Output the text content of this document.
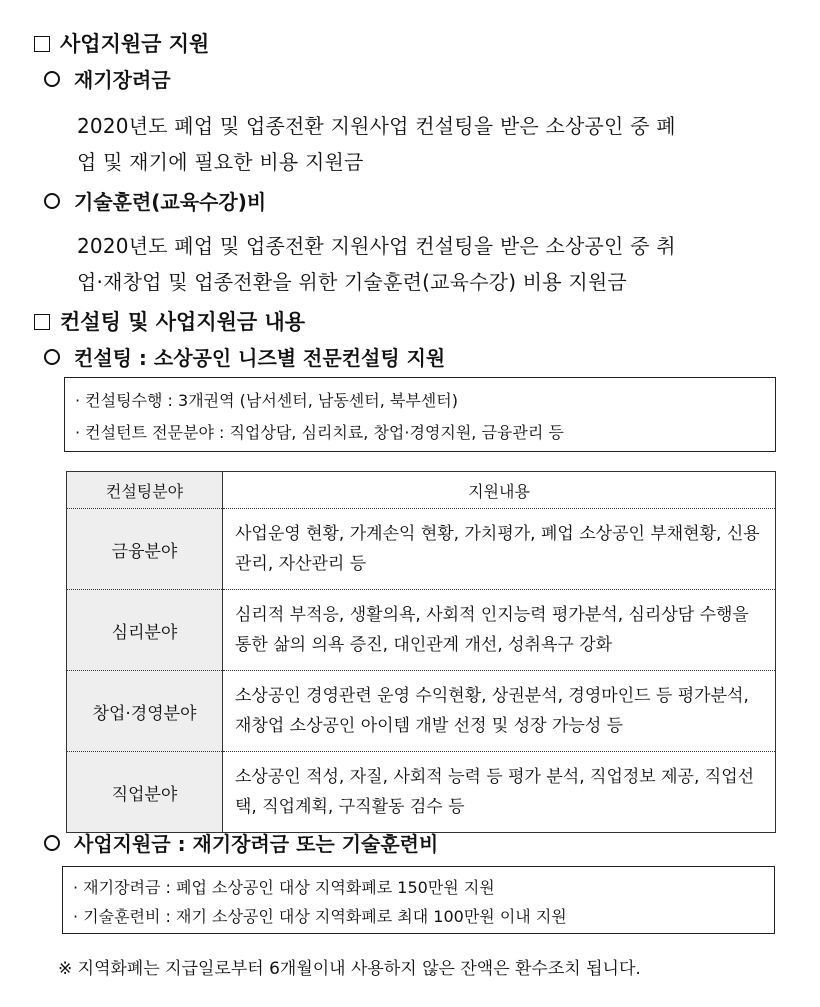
사업지원금 지원
재기장려금
2020년도 폐업 및 업종전환 지원사업 컨설팅을 받은 소상공인 중 폐
업 및 재기에 필요한 비용 지원금
기술훈련(교육수강)비
2020년도 폐업 및 업종전환 지원사업 컨설팅을 받은 소상공인 중 취
업·재창업 및 업종전환을 위한 기술훈련(교육수강) 비용 지원금
컨설팅 및 사업지원금 내용
컨설팅 : 소상공인 니즈별 전문컨설팅 지원
· 컨설팅수행 : 3개권역 (남서센터, 남동센터, 북부센터)
· 컨설턴트 전문분야 : 직업상담, 심리치료, 창업·경영지원, 금융관리 등
컨설팅분야	지원내용
금융분야	사업운영 현황, 가계손익 현황, 가치평가, 폐업 소상공인 부채현황, 신용관리, 자산관리 등
심리분야	심리적 부적응, 생활의욕, 사회적 인지능력 평가분석, 심리상담 수행을 통한 삶의 의욕 증진, 대인관계 개선, 성취욕구 강화
창업·경영분야	소상공인 경영관련 운영 수익현황, 상권분석, 경영마인드 등 평가분석, 재창업 소상공인 아이템 개발 선정 및 성장 가능성 등
직업분야	소상공인 적성, 자질, 사회적 능력 등 평가 분석, 직업정보 제공, 직업선택, 직업계획, 구직활동 검수 등
사업지원금 : 재기장려금 또는 기술훈련비
· 재기장려금 : 폐업 소상공인 대상 지역화폐로 150만원 지원
· 기술훈련비 : 재기 소상공인 대상 지역화폐로 최대 100만원 이내 지원
※ 지역화폐는 지급일로부터 6개월이내 사용하지 않은 잔액은 환수조치 됩니다.
